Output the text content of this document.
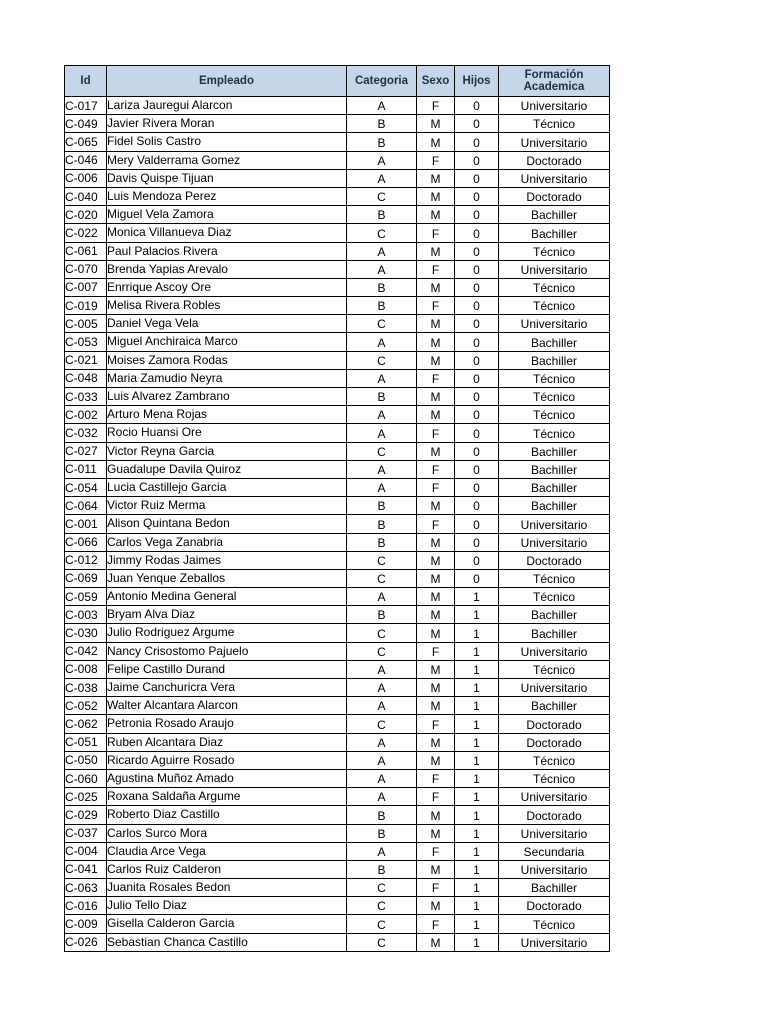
Id	Empleado	Categoria	Sexo	Hijos	Formación
Academica

C-017	Lariza Jauregui Alarcon	A	F	0	Universitario
C-049	Javier Rivera Moran	B	M	0	Técnico
C-065	Fidel Solis Castro	B	M	0	Universitario
C-046	Mery Valderrama Gomez	A	F	0	Doctorado
C-006	Davis Quispe Tijuan	A	M	0	Universitario
C-040	Luis Mendoza Perez	C	M	0	Doctorado
C-020	Miguel Vela Zamora	B	M	0	Bachiller
C-022	Monica Villanueva Diaz	C	F	0	Bachiller
C-061	Paul Palacios Rivera	A	M	0	Técnico
C-070	Brenda Yapias Arevalo	A	F	0	Universitario
C-007	Enrrique Ascoy Ore	B	M	0	Técnico
C-019	Melisa Rivera Robles	B	F	0	Técnico
C-005	Daniel Vega Vela	C	M	0	Universitario
C-053	Miguel Anchiraica Marco	A	M	0	Bachiller
C-021	Moises Zamora Rodas	C	M	0	Bachiller
C-048	Maria Zamudio Neyra	A	F	0	Técnico
C-033	Luis Alvarez Zambrano	B	M	0	Técnico
C-002	Arturo Mena Rojas	A	M	0	Técnico
C-032	Rocio Huansi Ore	A	F	0	Técnico
C-027	Victor Reyna Garcia	C	M	0	Bachiller
C-011	Guadalupe Davila Quiroz	A	F	0	Bachiller
C-054	Lucia Castillejo Garcia	A	F	0	Bachiller
C-064	Victor Ruiz Merma	B	M	0	Bachiller
C-001	Alison Quintana Bedon	B	F	0	Universitario
C-066	Carlos Vega Zanabria	B	M	0	Universitario
C-012	Jimmy Rodas Jaimes	C	M	0	Doctorado
C-069	Juan Yenque Zeballos	C	M	0	Técnico
C-059	Antonio Medina General	A	M	1	Técnico
C-003	Bryam Alva Diaz	B	M	1	Bachiller
C-030	Julio Rodriguez Argume	C	M	1	Bachiller
C-042	Nancy Crisostomo Pajuelo	C	F	1	Universitario
C-008	Felipe Castillo Durand	A	M	1	Técnico
C-038	Jaime Canchuricra Vera	A	M	1	Universitario
C-052	Walter Alcantara Alarcon	A	M	1	Bachiller
C-062	Petronia Rosado Araujo	C	F	1	Doctorado
C-051	Ruben Alcantara Diaz	A	M	1	Doctorado
C-050	Ricardo Aguirre Rosado	A	M	1	Técnico
C-060	Agustina Muñoz Amado	A	F	1	Técnico
C-025	Roxana Saldaña Argume	A	F	1	Universitario
C-029	Roberto Diaz Castillo	B	M	1	Doctorado
C-037	Carlos Surco Mora	B	M	1	Universitario
C-004	Claudia Arce Vega	A	F	1	Secundaria
C-041	Carlos Ruiz Calderon	B	M	1	Universitario
C-063	Juanita Rosales Bedon	C	F	1	Bachiller
C-016	Julio Tello Diaz	C	M	1	Doctorado
C-009	Gisella Calderon Garcia	C	F	1	Técnico
C-026	Sebastian Chanca Castillo	C	M	1	Universitario
